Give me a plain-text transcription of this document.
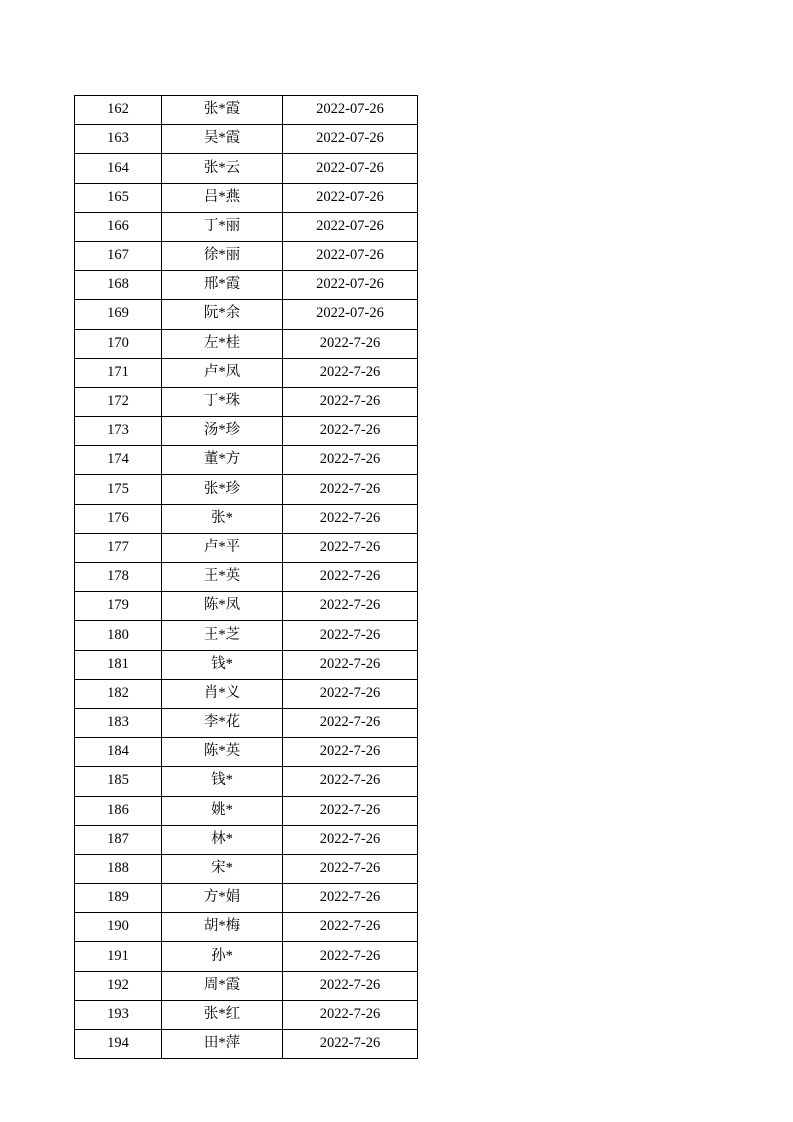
162	张*霞	2022-07-26
163	吴*霞	2022-07-26
164	张*云	2022-07-26
165	吕*燕	2022-07-26
166	丁*丽	2022-07-26
167	徐*丽	2022-07-26
168	邢*霞	2022-07-26
169	阮*余	2022-07-26
170	左*桂	2022-7-26
171	卢*凤	2022-7-26
172	丁*珠	2022-7-26
173	汤*珍	2022-7-26
174	董*方	2022-7-26
175	张*珍	2022-7-26
176	张*	2022-7-26
177	卢*平	2022-7-26
178	王*英	2022-7-26
179	陈*凤	2022-7-26
180	王*芝	2022-7-26
181	钱*	2022-7-26
182	肖*义	2022-7-26
183	李*花	2022-7-26
184	陈*英	2022-7-26
185	钱*	2022-7-26
186	姚*	2022-7-26
187	林*	2022-7-26
188	宋*	2022-7-26
189	方*娟	2022-7-26
190	胡*梅	2022-7-26
191	孙*	2022-7-26
192	周*霞	2022-7-26
193	张*红	2022-7-26
194	田*萍	2022-7-26
